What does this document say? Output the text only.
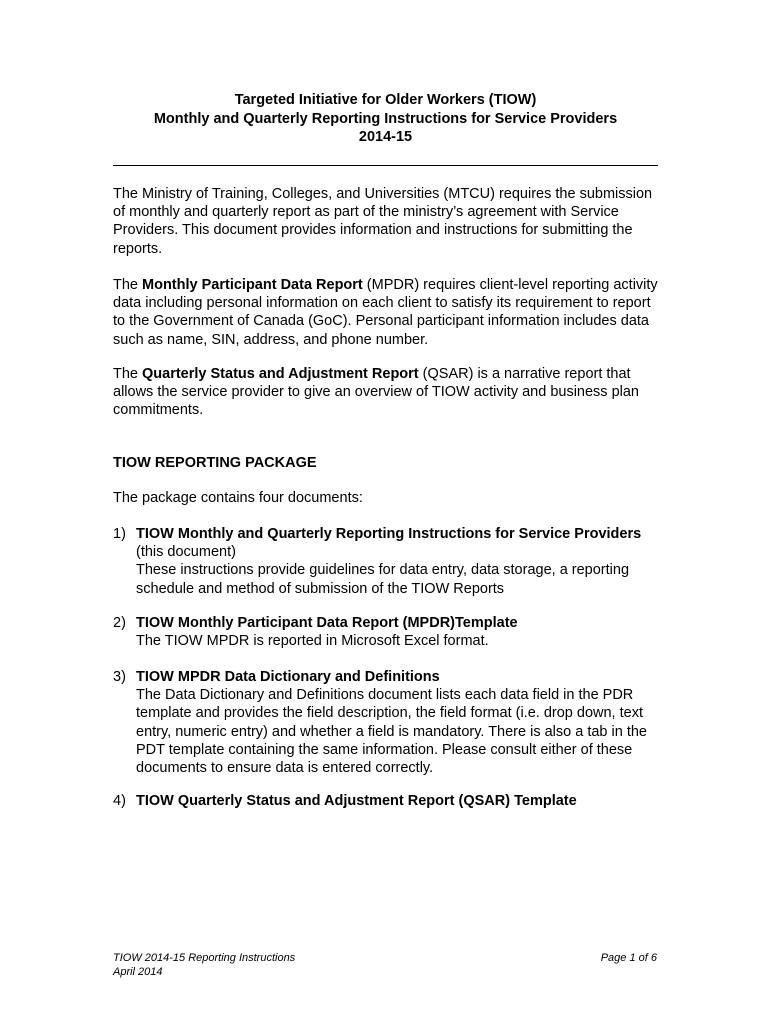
Targeted Initiative for Older Workers (TIOW)
Monthly and Quarterly Reporting Instructions for Service Providers
2014-15

The Ministry of Training, Colleges, and Universities (MTCU) requires the submission of monthly and quarterly report as part of the ministry’s agreement with Service Providers. This document provides information and instructions for submitting the reports.

The Monthly Participant Data Report (MPDR) requires client-level reporting activity data including personal information on each client to satisfy its requirement to report to the Government of Canada (GoC). Personal participant information includes data such as name, SIN, address, and phone number.

The Quarterly Status and Adjustment Report (QSAR) is a narrative report that allows the service provider to give an overview of TIOW activity and business plan commitments.

TIOW REPORTING PACKAGE

The package contains four documents:

1) TIOW Monthly and Quarterly Reporting Instructions for Service Providers (this document)
These instructions provide guidelines for data entry, data storage, a reporting schedule and method of submission of the TIOW Reports
2) TIOW Monthly Participant Data Report (MPDR)Template
The TIOW MPDR is reported in Microsoft Excel format.
3) TIOW MPDR Data Dictionary and Definitions
The Data Dictionary and Definitions document lists each data field in the PDR template and provides the field description, the field format (i.e. drop down, text entry, numeric entry) and whether a field is mandatory. There is also a tab in the PDT template containing the same information. Please consult either of these documents to ensure data is entered correctly.
4) TIOW Quarterly Status and Adjustment Report (QSAR) Template
TIOW 2014-15 Reporting Instructions
April 2014
Page 1 of 6
